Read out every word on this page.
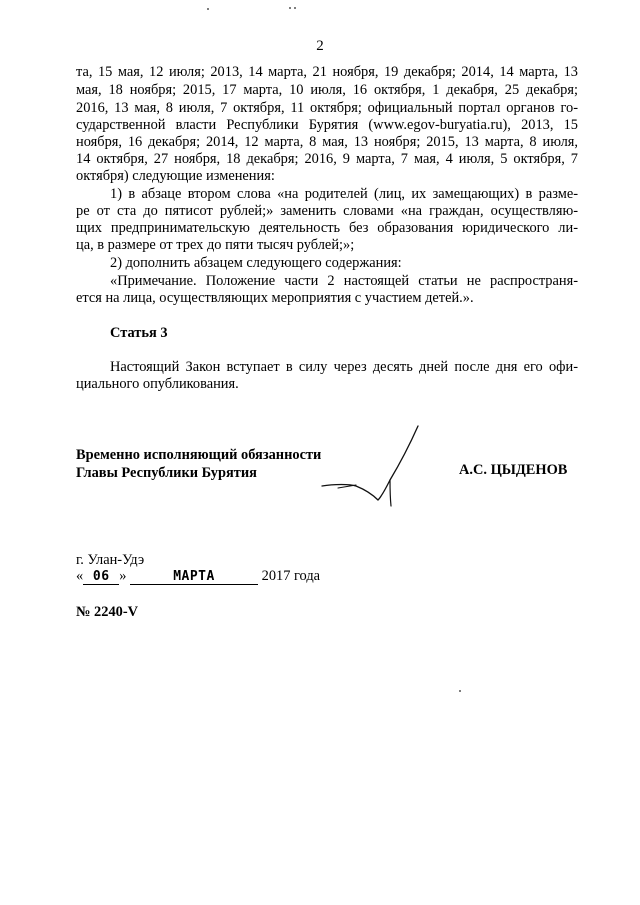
2
та, 15 мая, 12 июля; 2013, 14 марта, 21 ноября, 19 декабря; 2014, 14 марта, 13
мая, 18 ноября; 2015, 17 марта, 10 июля, 16 октября, 1 декабря, 25 декабря;
2016, 13 мая, 8 июля, 7 октября, 11 октября; официальный портал органов го-
сударственной власти Республики Бурятия (www.egov-buryatia.ru), 2013, 15
ноября, 16 декабря; 2014, 12 марта, 8 мая, 13 ноября; 2015, 13 марта, 8 июля,
14 октября, 27 ноября, 18 декабря; 2016, 9 марта, 7 мая, 4 июля, 5 октября, 7
октября) следующие изменения:
1) в абзаце втором слова «на родителей (лиц, их замещающих) в разме-
ре от ста до пятисот рублей;» заменить словами «на граждан, осуществляю-
щих предпринимательскую деятельность без образования юридического ли-
ца, в размере от трех до пяти тысяч рублей;»;
2) дополнить абзацем следующего содержания:
«Примечание. Положение части 2 настоящей статьи не распространя-
ется на лица, осуществляющих мероприятия с участием детей.».
Статья 3
Настоящий Закон вступает в силу через десять дней после дня его офи-
циального опубликования.
Временно исполняющий обязанности
Главы Республики Бурятия	А.С. ЦЫДЕНОВ
г. Улан-Удэ
« 06 »	МАРТА	2017 года
№ 2240-V
